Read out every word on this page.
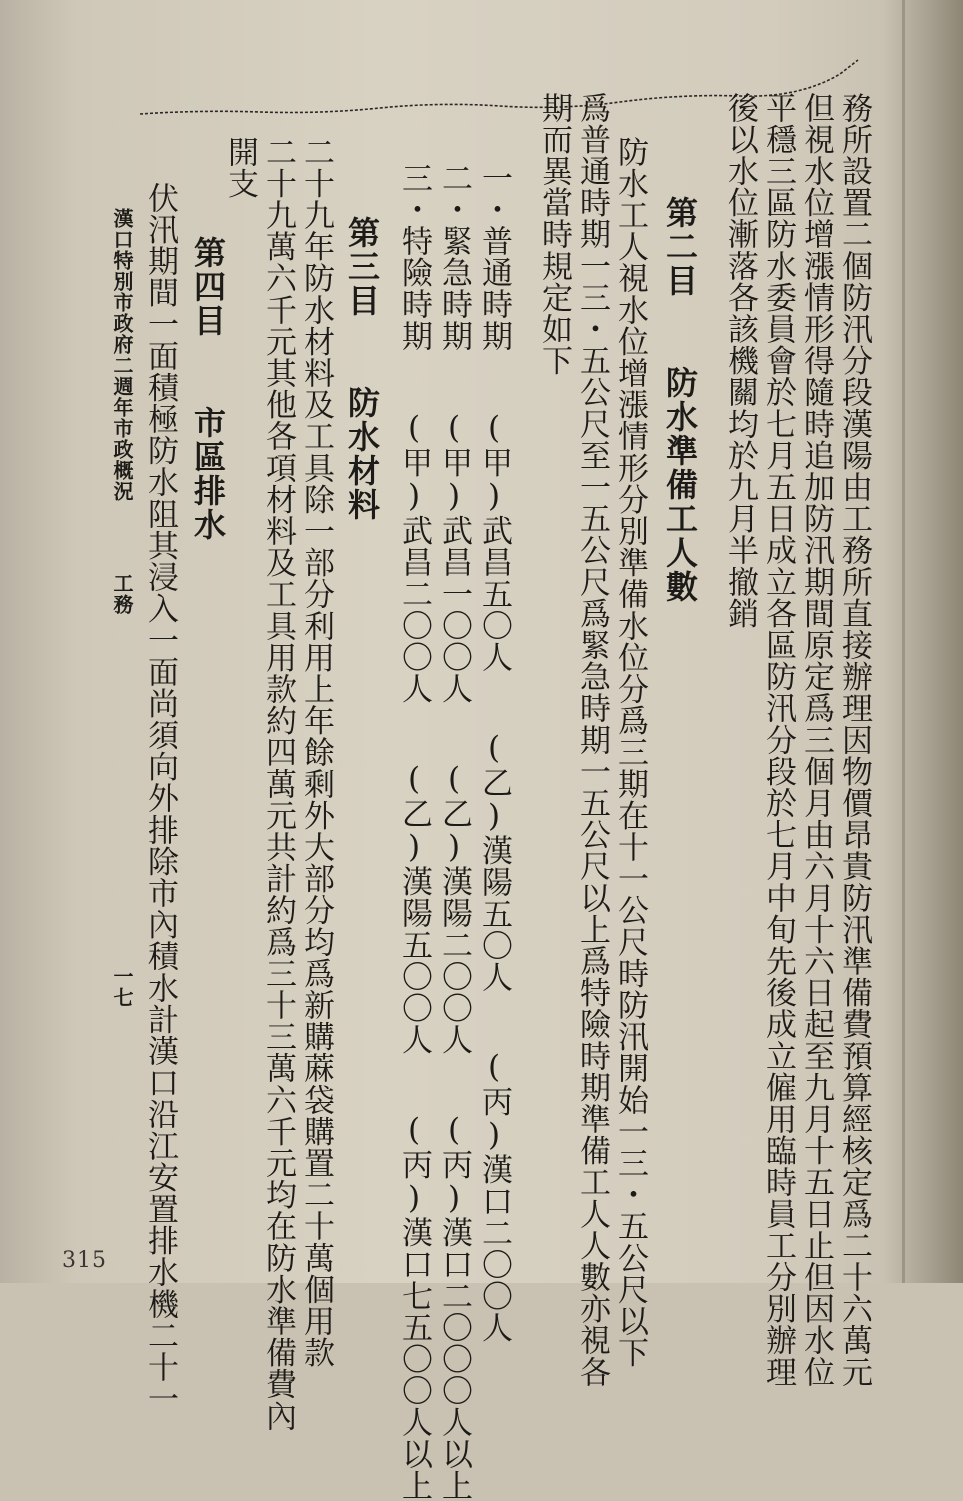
務所設置二個防汛分段漢陽由工務所直接辦理因物價昂貴防汛準備費預算經核定爲二十六萬元
但視水位增漲情形得隨時追加防汛期間原定爲三個月由六月十六日起至九月十五日止但因水位
平穩三區防水委員會於七月五日成立各區防汛分段於七月中旬先後成立僱用臨時員工分別辦理
後以水位漸落各該機關均於九月半撤銷
第二目 防水準備工人數
防水工人視水位增漲情形分別準備水位分爲三期在十一公尺時防汛開始一三・五公尺以下
爲普通時期一三・五公尺至一五公尺爲緊急時期一五公尺以上爲特險時期準備工人人數亦視各
期而異當時規定如下
一・普通時期 (甲)武昌五〇人 (乙)漢陽五〇人 (丙)漢口二〇〇人
二・緊急時期 (甲)武昌一〇〇人 (乙)漢陽二〇〇人 (丙)漢口二〇〇〇人以上
三・特險時期 (甲)武昌二〇〇人 (乙)漢陽五〇〇人 (丙)漢口七五〇〇人以上
第三目 防水材料
二十九年防水材料及工具除一部分利用上年餘剩外大部分均爲新購蔴袋購置二十萬個用款
二十九萬六千元其他各項材料及工具用款約四萬元共計約爲三十三萬六千元均在防水準備費內
開支
第四目 市區排水
伏汛期間一面積極防水阻其浸入一面尚須向外排除市內積水計漢口沿江安置排水機二十一
漢口特別市政府二週年市政概況 工務
一七
315
